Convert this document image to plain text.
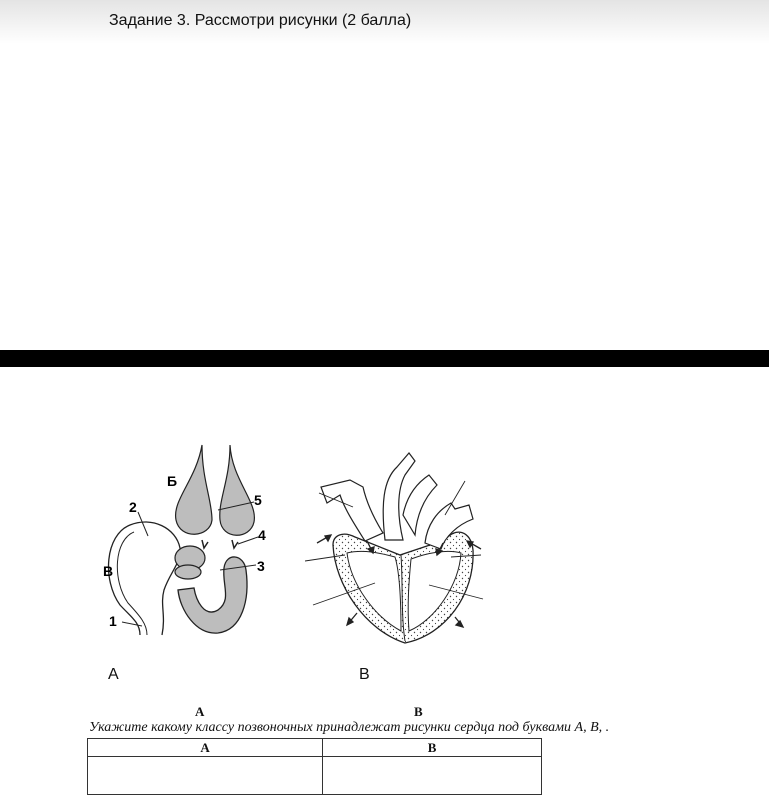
Задание 3. Рассмотри рисунки (2 балла)
5
4
3
2
1
Б
В
А	В
А	В
Укажите какому классу позвоночных принадлежат рисунки сердца под буквами А, В, .
А	В
